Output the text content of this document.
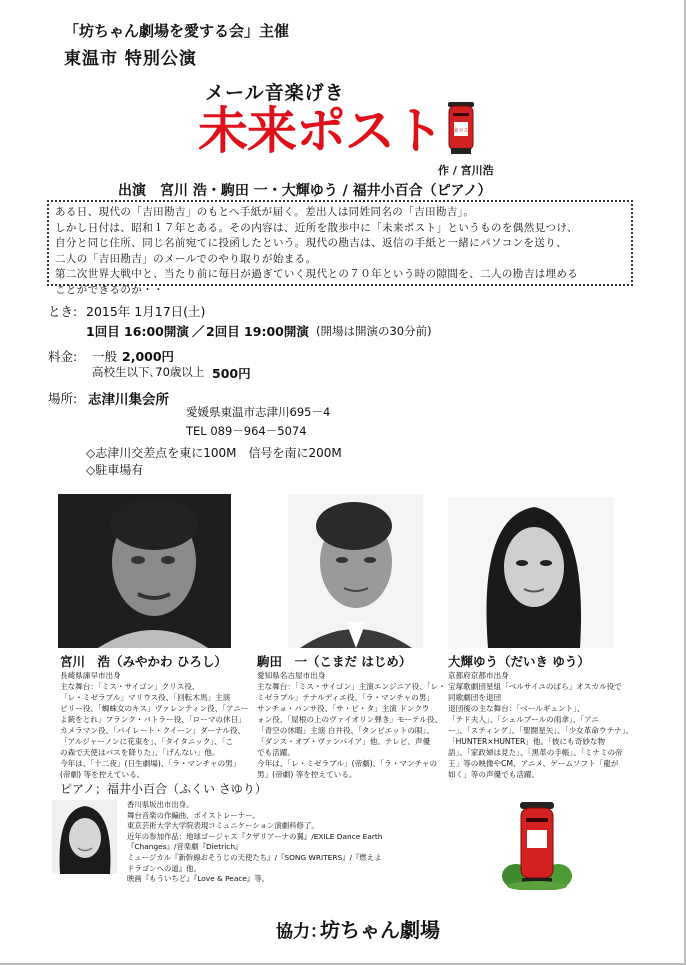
「坊ちゃん劇場を愛する会」主催
東温市 特別公演
メール音楽げき
未来ポスト 未来ポスト
作 / 宮川浩
出演　宮川 浩・駒田 一・大輝ゆう / 福井小百合（ピアノ）
ある日、現代の「吉田勘吉」のもとへ手紙が届く。差出人は同姓同名の「吉田勘吉」。
しかし日付は、昭和１７年とある。その内容は、近所を散歩中に「未来ポスト」というものを偶然見つけ、
自分と同じ住所、同じ名前宛てに投函したという。現代の勘吉は、返信の手紙と一緒にパソコンを送り、
二人の「吉田勘吉」のメールでのやり取りが始まる。
第二次世界大戦中と、当たり前に毎日が過ぎていく現代との７０年という時の隙間を、二人の勘吉は埋める
ことができるのか・・
とき: 2015年 1月17日(土)
1回目 16:00開演 ／ 2回目 19:00開演 (開場は開演の30分前)
料金: 一般 2,000円
高校生以下､70歳以上 500円
場所: 志津川集会所
愛媛県東温市志津川695－4
TEL 089－964－5074
◇志津川交差点を東に100M　信号を南に200M
◇駐車場有
宮川　浩（みやかわ ひろし） 駒田　一（こまだ はじめ）	大輝ゆう（だいき ゆう）
長崎県諫早市出身
主な舞台：「ミス・サイゴン」クリス役、
「レ・ミゼラブル」マリウス役、「回転木馬」主演
ビリー役、「蜘蛛女のキス」ヴァレンティン役、「アニー
よ銃をとれ」フランク・バトラー役、「ローマの休日」
カメラマン役、「パイレート・クイーン」ダーナル役、
「アルジャーノンに花束を」、「タイタニック」、「こ
の森で天使はバスを降りた」、「げんない」他。
今年は、「十二夜」(日生劇場)、「ラ・マンチャの男」
(帝劇) 等を控えている。
愛知県名古屋市出身
主な舞台：「ミス・サイゴン」主演エンジニア役、「レ・
ミゼラブル」テナルディエ役、「ラ・マンチャの男」
サンチョ・パンサ役、「サ・ビ・タ」主演 ドンクウ
ォン役、「屋根の上のヴァイオリン弾き」モーテル役、
「青空の休暇」主演 白井役、「タンビエットの唄」、
「ダンス・オブ・ヴァンパイア」他。テレビ、声優
でも活躍。
今年は、「レ・ミゼラブル」(帝劇)、「ラ・マンチャの
男」(帝劇) 等を控えている。
京都府京都市出身
宝塚歌劇団星組「ベルサイユのばら」オスカル役で
同歌劇団を退団
退団後の主な舞台：「ベールギュント」、
「テド夫人」、「シェルブールの雨傘」、「アニ
ー」、「スティング」、「聖闘星矢」、「少女革命ウテナ」、
「HUNTER×HUNTER」他。「彼にも奇妙な物
語」、「家政婦は見た」、「黒革の手帳」、「ミナミの帝
王」等の映像やCM、アニメ、ゲームソフト「龍が
如く」等の声優でも活躍。
ピアノ；福井小百合（ふくい さゆり）
香川県坂出市出身。
舞台音楽の作編曲、ボイストレーナー。
東京芸術大学大学院表現コミュニケーション演劇科修了。
近年の参加作品：地球ゴージャス『クザリアーナの翼』/EXILE Dance Earth
『Changes』/音楽劇『Dietrich』
ミュージカル『新幹線おそうじの天使たち』/『SONG WRITERS』/『燃えよ
ドラゴンへの道』他。
映画『もういちど』『Love & Peace』等。
協力：
坊ちゃん劇場
